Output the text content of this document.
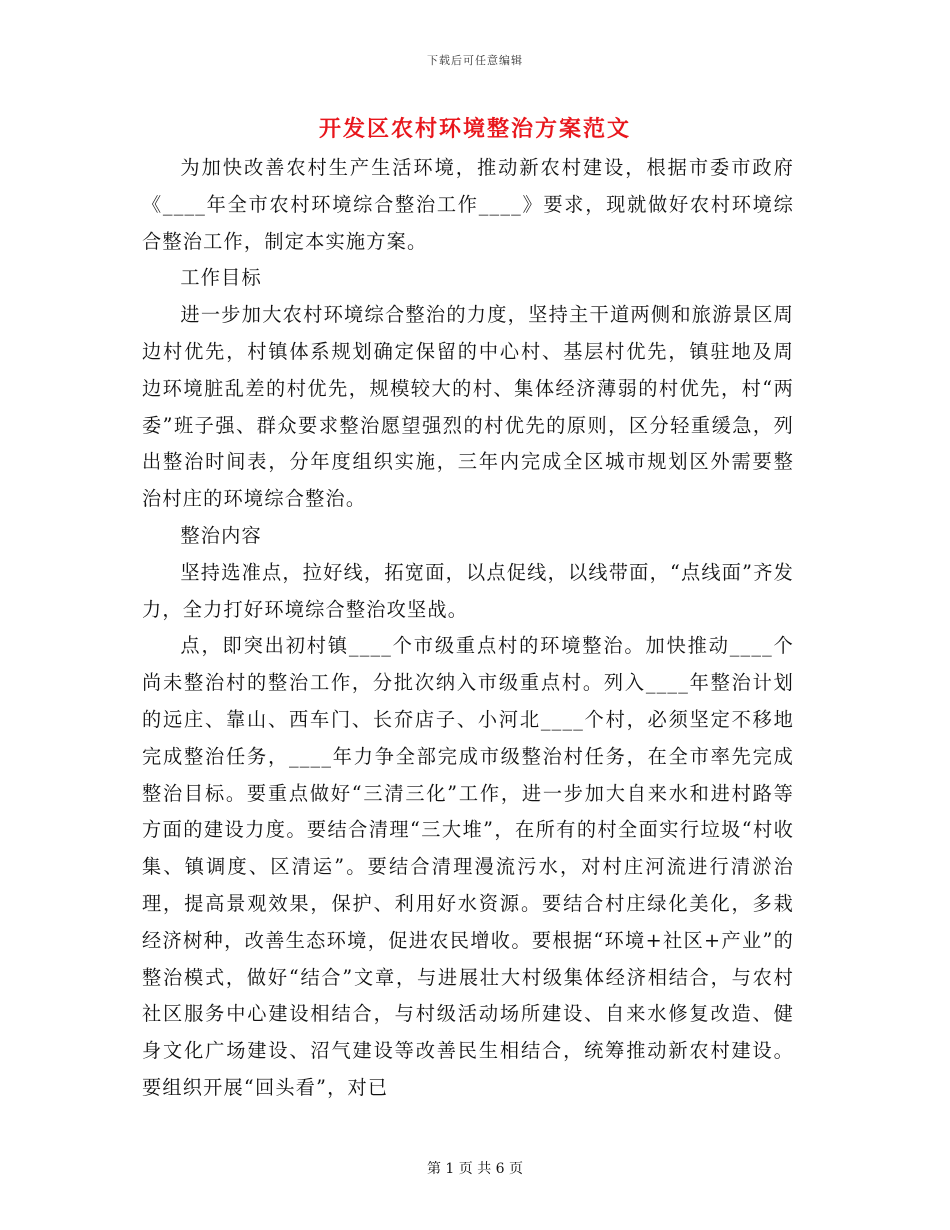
下载后可任意编辑
开发区农村环境整治方案范文

为加快改善农村生产生活环境，推动新农村建设，根据市委市政府《____年全市农村环境综合整治工作____》要求，现就做好农村环境综合整治工作，制定本实施方案。

工作目标

进一步加大农村环境综合整治的力度，坚持主干道两侧和旅游景区周边村优先，村镇体系规划确定保留的中心村、基层村优先，镇驻地及周边环境脏乱差的村优先，规模较大的村、集体经济薄弱的村优先，村“两委”班子强、群众要求整治愿望强烈的村优先的原则，区分轻重缓急，列出整治时间表，分年度组织实施，三年内完成全区城市规划区外需要整治村庄的环境综合整治。

整治内容

坚持选准点，拉好线，拓宽面，以点促线，以线带面，“点线面”齐发力，全力打好环境综合整治攻坚战。

点，即突出初村镇____个市级重点村的环境整治。加快推动____个尚未整治村的整治工作，分批次纳入市级重点村。列入____年整治计划的远庄、靠山、西车门、长夼店子、小河北____个村，必须坚定不移地完成整治任务，____年力争全部完成市级整治村任务，在全市率先完成整治目标。要重点做好“三清三化”工作，进一步加大自来水和进村路等方面的建设力度。要结合清理“三大堆”，在所有的村全面实行垃圾“村收集、镇调度、区清运”。要结合清理漫流污水，对村庄河流进行清淤治理，提高景观效果，保护、利用好水资源。要结合村庄绿化美化，多栽经济树种，改善生态环境，促进农民增收。要根据“环境+社区+产业”的整治模式，做好“结合”文章，与进展壮大村级集体经济相结合，与农村社区服务中心建设相结合，与村级活动场所建设、自来水修复改造、健身文化广场建设、沼气建设等改善民生相结合，统筹推动新农村建设。要组织开展“回头看”，对已

第 1 页 共 6 页
